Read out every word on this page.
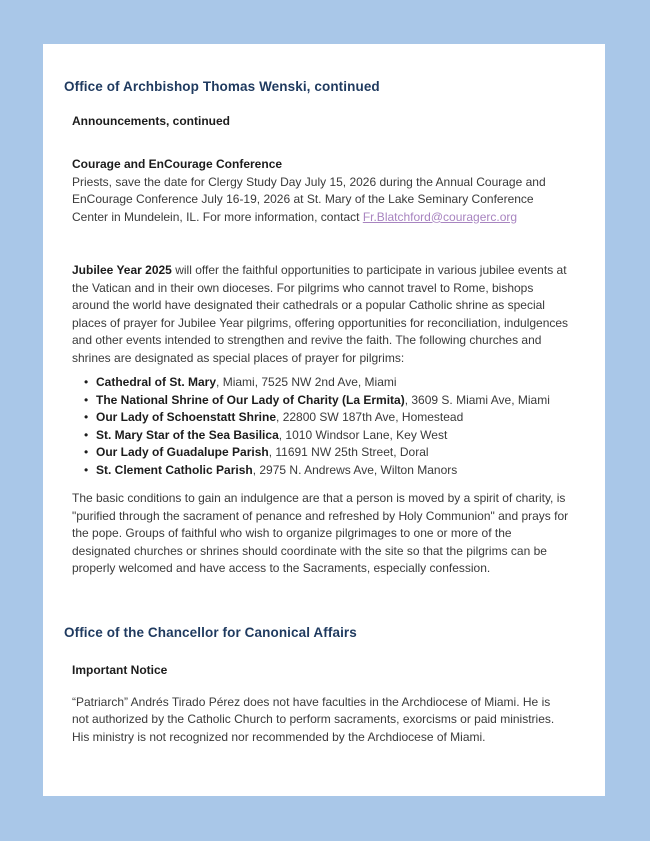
Office of Archbishop Thomas Wenski, continued
Announcements, continued

Courage and EnCourage Conference

Priests, save the date for Clergy Study Day July 15, 2026 during the Annual Courage and EnCourage Conference July 16-19, 2026 at St. Mary of the Lake Seminary Conference Center in Mundelein, IL. For more information, contact Fr.Blatchford@couragerc.org

Jubilee Year 2025 will offer the faithful opportunities to participate in various jubilee events at the Vatican and in their own dioceses. For pilgrims who cannot travel to Rome, bishops around the world have designated their cathedrals or a popular Catholic shrine as special places of prayer for Jubilee Year pilgrims, offering opportunities for reconciliation, indulgences and other events intended to strengthen and revive the faith. The following churches and shrines are designated as special places of prayer for pilgrims:

• Cathedral of St. Mary, Miami, 7525 NW 2nd Ave, Miami
• The National Shrine of Our Lady of Charity (La Ermita), 3609 S. Miami Ave, Miami
• Our Lady of Schoenstatt Shrine, 22800 SW 187th Ave, Homestead
• St. Mary Star of the Sea Basilica, 1010 Windsor Lane, Key West
• Our Lady of Guadalupe Parish, 11691 NW 25th Street, Doral
• St. Clement Catholic Parish, 2975 N. Andrews Ave, Wilton Manors

The basic conditions to gain an indulgence are that a person is moved by a spirit of charity, is "purified through the sacrament of penance and refreshed by Holy Communion" and prays for the pope. Groups of faithful who wish to organize pilgrimages to one or more of the designated churches or shrines should coordinate with the site so that the pilgrims can be properly welcomed and have access to the Sacraments, especially confession.

Office of the Chancellor for Canonical Affairs
Important Notice

“Patriarch” Andrés Tirado Pérez does not have faculties in the Archdiocese of Miami. He is not authorized by the Catholic Church to perform sacraments, exorcisms or paid ministries. His ministry is not recognized nor recommended by the Archdiocese of Miami.
